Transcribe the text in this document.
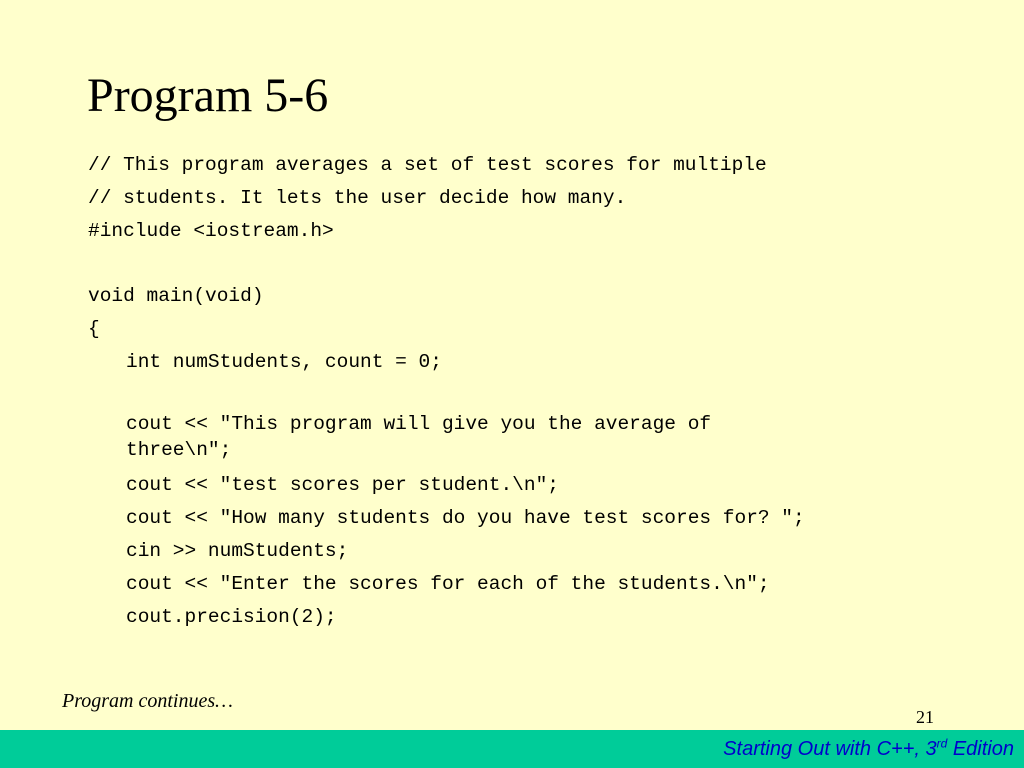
Program 5-6
// This program averages a set of test scores for multiple
// students. It lets the user decide how many.
#include <iostream.h>
void main(void)
{
int numStudents, count = 0;
cout << "This program will give you the average of three\n";
cout << "test scores per student.\n";
cout << "How many students do you have test scores for? ";
cin >> numStudents;
cout << "Enter the scores for each of the students.\n";
cout.precision(2);
Program continues…
21
Starting Out with C++, 3rd Edition
